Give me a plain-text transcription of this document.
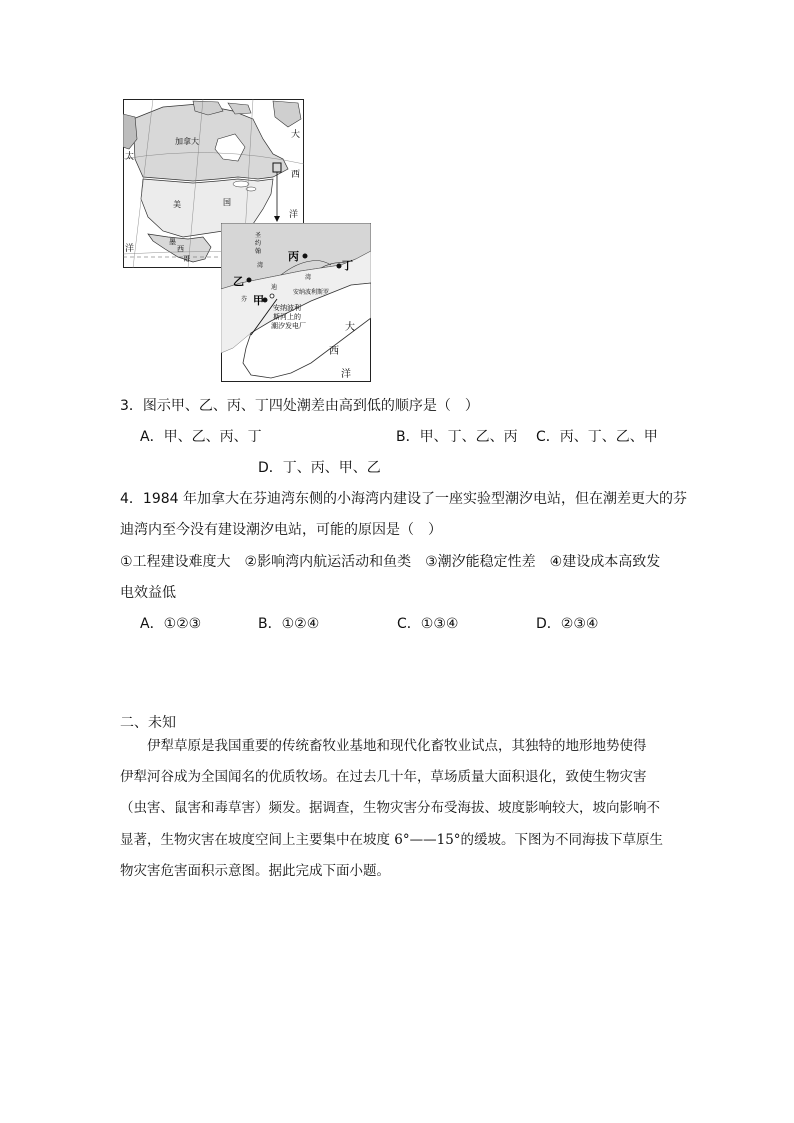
加拿大
美	国
墨
西
哥
大
西
洋
太
洋
丙
丁
乙
甲
安纳波利斯罗
安纳波利
斯河上的
潮汐发电厂	大
西
洋
圣
约
翰
湾
迪
芬
湾
3．图示甲、乙、丙、丁四处潮差由高到低的顺序是（　）
A．甲、乙、丙、丁	B．甲、丁、乙、丙 C．丙、丁、乙、甲
D．丁、丙、甲、乙
4．1984 年加拿大在芬迪湾东侧的小海湾内建设了一座实验型潮汐电站，但在潮差更大的芬
迪湾内至今没有建设潮汐电站，可能的原因是（　）
①工程建设难度大　②影响湾内航运活动和鱼类　③潮汐能稳定性差　④建设成本高致发
电效益低
A．①②③	B．①②④	C．①③④	D．②③④
二、未知
伊犁草原是我国重要的传统畜牧业基地和现代化畜牧业试点，其独特的地形地势使得
伊犁河谷成为全国闻名的优质牧场。在过去几十年，草场质量大面积退化，致使生物灾害
（虫害、鼠害和毒草害）频发。据调查，生物灾害分布受海拔、坡度影响较大，坡向影响不
显著，生物灾害在坡度空间上主要集中在坡度 6°——15°的缓坡。下图为不同海拔下草原生
物灾害危害面积示意图。据此完成下面小题。
